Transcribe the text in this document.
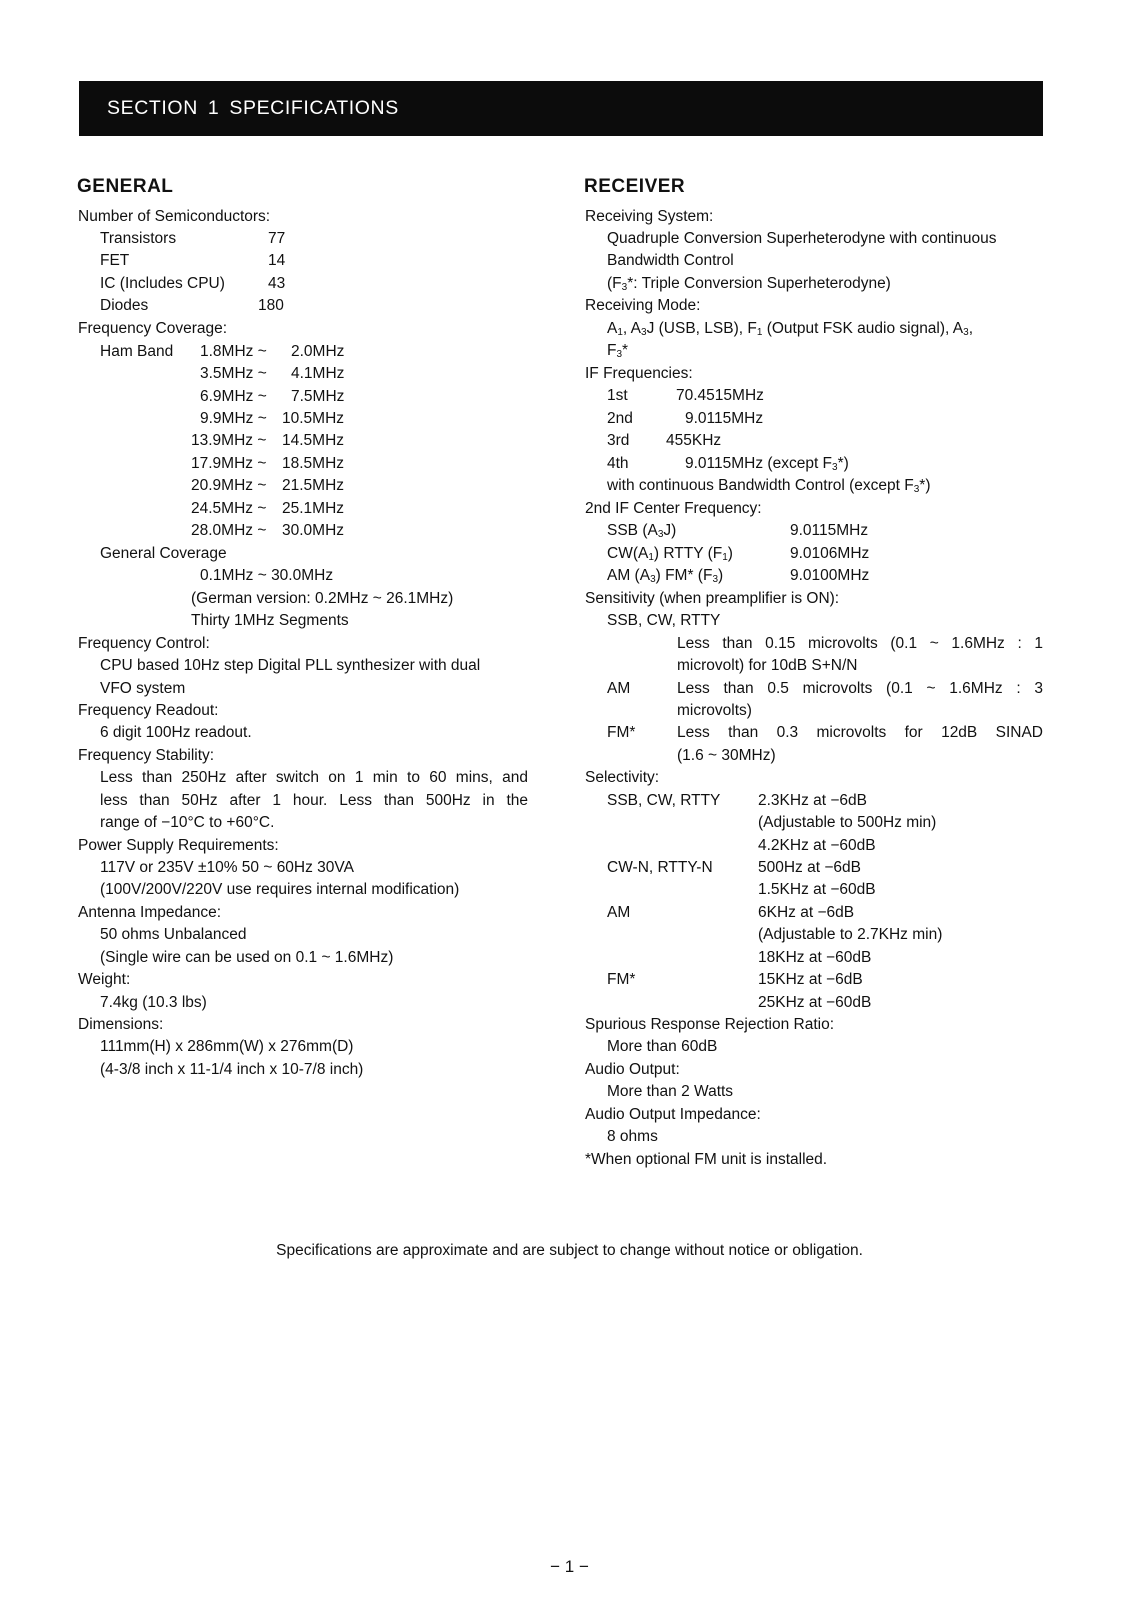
SECTION 1 SPECIFICATIONS
GENERAL
Number of Semiconductors:
Transistors	77
FET	14
IC (Includes CPU)	43
Diodes	180
Frequency Coverage:
Ham Band 1.8MHz ~ 2.0MHz
3.5MHz ~ 4.1MHz
6.9MHz ~ 7.5MHz
9.9MHz ~ 10.5MHz
13.9MHz ~ 14.5MHz
17.9MHz ~ 18.5MHz
20.9MHz ~ 21.5MHz
24.5MHz ~ 25.1MHz
28.0MHz ~ 30.0MHz
General Coverage
0.1MHz ~ 30.0MHz
(German version: 0.2MHz ~ 26.1MHz)
Thirty 1MHz Segments
Frequency Control:
CPU based 10Hz step Digital PLL synthesizer with dual
VFO system
Frequency Readout:
6 digit 100Hz readout.
Frequency Stability:
Less than 250Hz after switch on 1 min to 60 mins, and
less than 50Hz after 1 hour. Less than 500Hz in the
range of −10°C to +60°C.
Power Supply Requirements:
117V or 235V ±10% 50 ~ 60Hz 30VA
(100V/200V/220V use requires internal modification)
Antenna Impedance:
50 ohms Unbalanced
(Single wire can be used on 0.1 ~ 1.6MHz)
Weight:
7.4kg (10.3 lbs)
Dimensions:
111mm(H) x 286mm(W) x 276mm(D)
(4-3/8 inch x 11-1/4 inch x 10-7/8 inch)
RECEIVER
Receiving System:
Quadruple Conversion Superheterodyne with continuous
Bandwidth Control
($F_3*$: Triple Conversion Superheterodyne)
Receiving Mode:
$A_1$, $A_3J$ (USB, LSB), $F_1$ (Output FSK audio signal), $A_3$,
$F_3*$
IF Frequencies:
1st	70.4515MHz
2nd	9.0115MHz
3rd 455KHz
4th	9.0115MHz (except $F_3*$)
with continuous Bandwidth Control (except $F_3*$)
2nd IF Center Frequency:
SSB $(A_3J)$	9.0115MHz
$CW(A_1)$ RTTY $(F_1)$	9.0106MHz
AM $(A_3)$ FM* $(F_3)$	9.0100MHz
Sensitivity (when preamplifier is ON):
SSB, CW, RTTY
Less than 0.15 microvolts (0.1 ~ 1.6MHz : 1
microvolt) for 10dB S+N/N
AM	Less than 0.5 microvolts (0.1 ~ 1.6MHz : 3
microvolts)
FM*	Less than 0.3 microvolts for 12dB SINAD
(1.6 ~ 30MHz)
Selectivity:
SSB, CW, RTTY 2.3KHz at −6dB
(Adjustable to 500Hz min)
4.2KHz at −60dB
CW-N, RTTY-N	500Hz at −6dB
1.5KHz at −60dB
AM	6KHz at −6dB
(Adjustable to 2.7KHz min)
18KHz at −60dB
FM*	15KHz at −6dB
25KHz at −60dB
Spurious Response Rejection Ratio:
More than 60dB
Audio Output:
More than 2 Watts
Audio Output Impedance:
8 ohms
*When optional FM unit is installed.
Specifications are approximate and are subject to change without notice or obligation.
− 1 −
